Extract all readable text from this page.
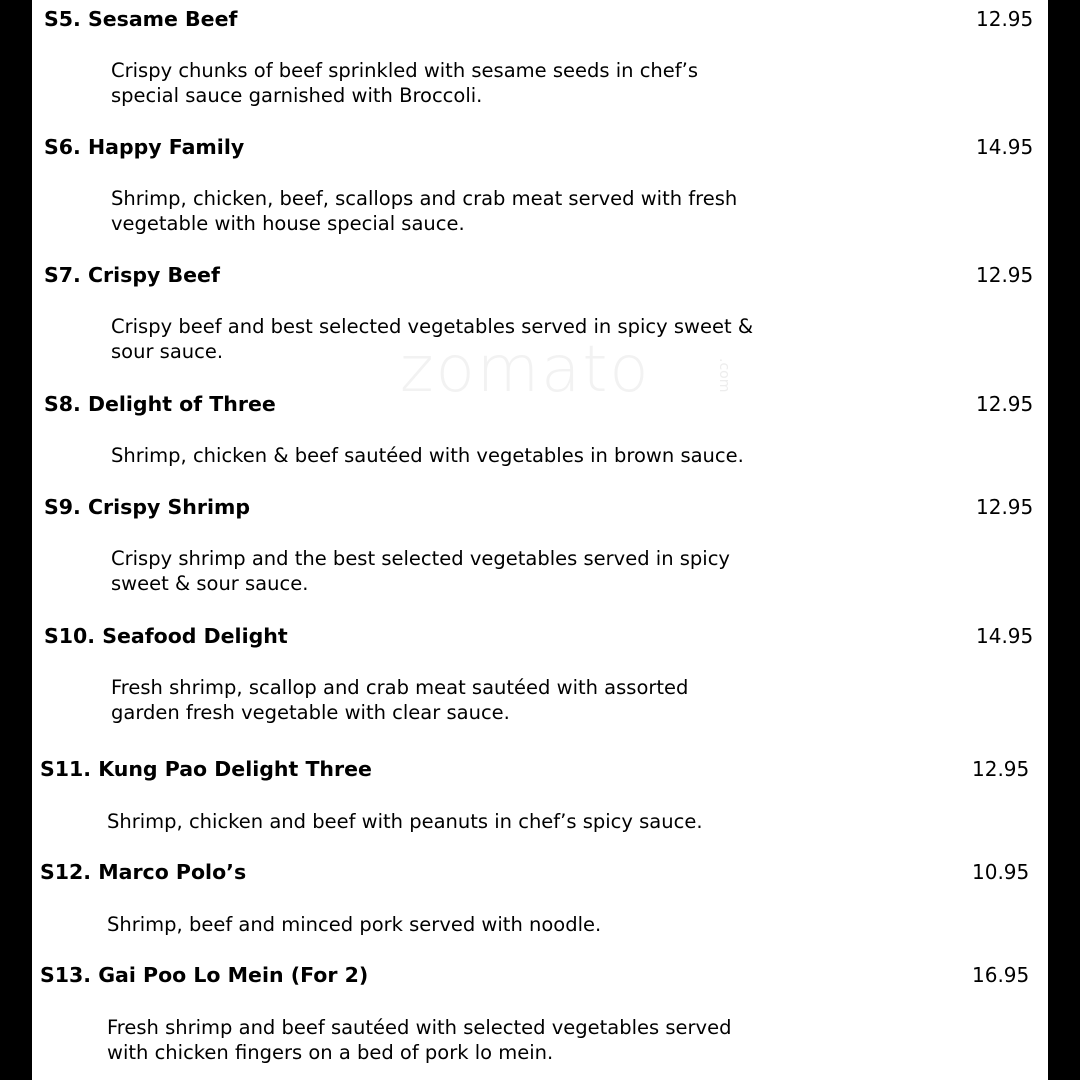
zomato	.com
S5. Sesame Beef	12.95
Crispy chunks of beef sprinkled with sesame seeds in chef’s
special sauce garnished with Broccoli.
S6. Happy Family	14.95
Shrimp, chicken, beef, scallops and crab meat served with fresh
vegetable with house special sauce.
S7. Crispy Beef	12.95
Crispy beef and best selected vegetables served in spicy sweet &
sour sauce.
S8. Delight of Three	12.95
Shrimp, chicken & beef sautéed with vegetables in brown sauce.
S9. Crispy Shrimp	12.95
Crispy shrimp and the best selected vegetables served in spicy
sweet & sour sauce.
S10. Seafood Delight	14.95
Fresh shrimp, scallop and crab meat sautéed with assorted
garden fresh vegetable with clear sauce.
S11. Kung Pao Delight Three	12.95
Shrimp, chicken and beef with peanuts in chef’s spicy sauce.
S12. Marco Polo’s	10.95
Shrimp, beef and minced pork served with noodle.
S13. Gai Poo Lo Mein (For 2)	16.95
Fresh shrimp and beef sautéed with selected vegetables served
with chicken fingers on a bed of pork lo mein.
